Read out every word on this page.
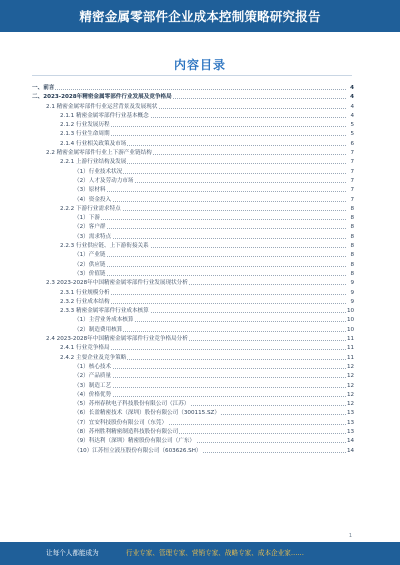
精密金属零部件企业成本控制策略研究报告
内容目录
一、前言	4
二、2023-2028年精密金属零部件行业发展及竞争格局	4
2.1 精密金属零部件行业运营背景及发展现状	4
2.1.1 精密金属零部件行业基本概念	4
2.1.2 行业发展历程	5
2.1.3 行业生命周期	5
2.1.4 行业相关政策及市场	6
2.2 精密金属零部件行业上下游产业链结构	7
2.2.1 上游行业结构及发展	7
（1）行业技术状况	7
（2）人才及劳动力市场	7
（3）原材料	7
（4）资金投入	7
2.2.2 下游行业需求特点	8
（1）下游	8
（2）客户群	8
（3）需求特点	8
2.2.3 行业供应链、上下游衔接关系	8
（1）产业链	8
（2）供应链	8
（3）价值链	8
2.3 2023-2028年中国精密金属零部件行业发展现状分析	9
2.3.1 行业规模分析	9
2.3.2 行业成本结构	9
2.3.3 精密金属零部件行业成本核算	10
（1）主营业务成本核算	10
（2）制造费用核算	10
2.4 2023-2028年中国精密金属零部件行业竞争格局分析	11
2.4.1 行业竞争格局	11
2.4.2 主要企业及竞争策略	11
（1）核心技术	12
（2）产品质量	12
（3）制造工艺	12
（4）价格优势	12
（5）苏州春秋电子科技股份有限公司（江苏）	12
（6）长盈精密技术（深圳）股份有限公司（300115.SZ）	13
（7）宜安科技股份有限公司（东莞）	13
（8）苏州胜利精密制造科技股份有限公司	13
（9）科达利（深圳）精密股份有限公司（广东）	14
（10）江苏恒立液压股份有限公司（603626.SH）	14
1
让每个人都能成为	行业专家、管理专家、营销专家、战略专家、成本企业家……
